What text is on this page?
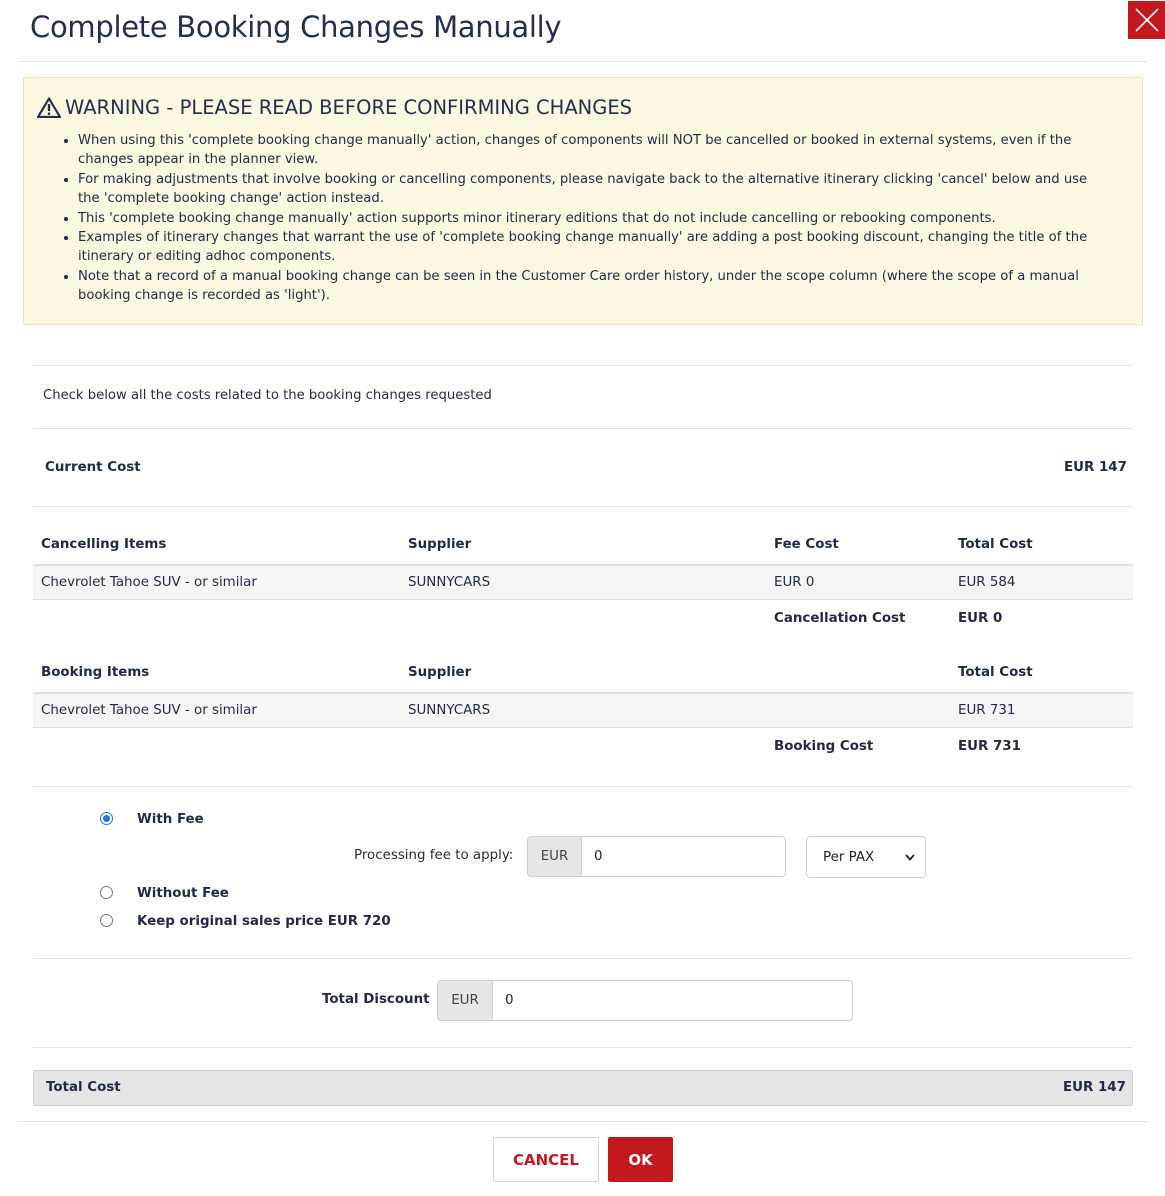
Complete Booking Changes Manually
WARNING - PLEASE READ BEFORE CONFIRMING CHANGES
• When using this 'complete booking change manually' action, changes of components will NOT be cancelled or booked in external systems, even if the changes appear in the planner view.
• For making adjustments that involve booking or cancelling components, please navigate back to the alternative itinerary clicking 'cancel' below and use the 'complete booking change' action instead.
• This 'complete booking change manually' action supports minor itinerary editions that do not include cancelling or rebooking components.
• Examples of itinerary changes that warrant the use of 'complete booking change manually' are adding a post booking discount, changing the title of the itinerary or editing adhoc components.
• Note that a record of a manual booking change can be seen in the Customer Care order history, under the scope column (where the scope of a manual booking change is recorded as 'light').
Check below all the costs related to the booking changes requested
Current Cost	EUR 147
Cancelling Items	Supplier	Fee Cost	Total Cost
Chevrolet Tahoe SUV - or similar	SUNNYCARS	EUR 0	EUR 584
Cancellation Cost	EUR 0
Booking Items	Supplier	Total Cost
Chevrolet Tahoe SUV - or similar	SUNNYCARS	EUR 731
Booking Cost	EUR 731
With Fee
Processing fee to apply:	EUR
0	Per PAX
Without Fee
Keep original sales price EUR 720
Total Discount	EUR
0
Total Cost	EUR 147
CANCEL	OK
